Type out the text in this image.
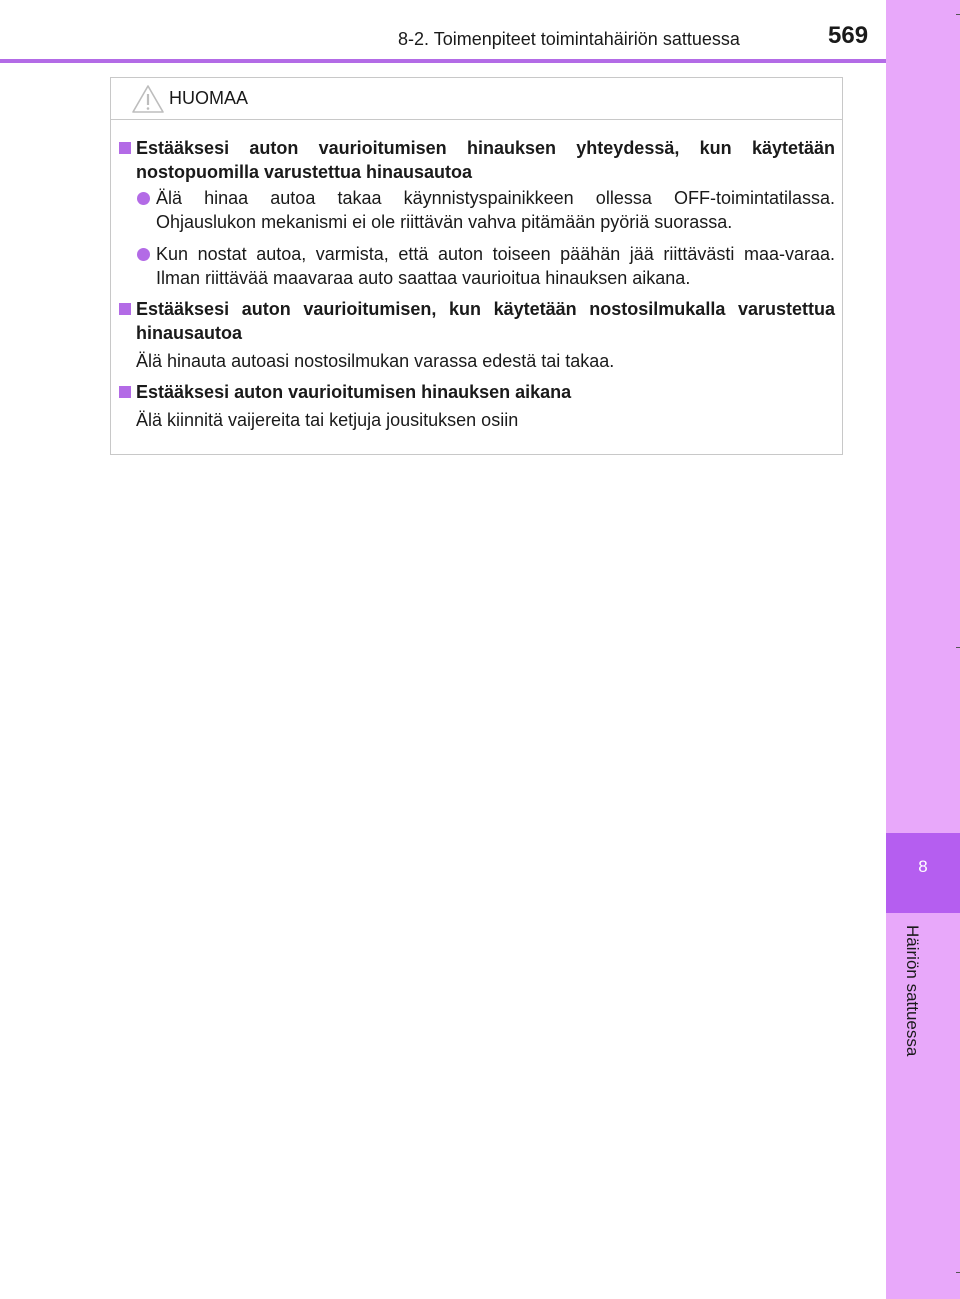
8-2. Toimenpiteet toimintahäiriön sattuessa	569
8
Häiriön sattuessa
HUOMAA
Estääksesi auton vaurioitumisen hinauksen yhteydessä, kun käytetään nostopuomilla varustettua hinausautoa
Älä hinaa autoa takaa käynnistyspainikkeen ollessa OFF-toimintatilassa. Ohjauslukon mekanismi ei ole riittävän vahva pitämään pyöriä suorassa.
Kun nostat autoa, varmista, että auton toiseen päähän jää riittävästi maa-varaa. Ilman riittävää maavaraa auto saattaa vaurioitua hinauksen aikana.
Estääksesi auton vaurioitumisen, kun käytetään nostosilmukalla varustettua hinausautoa
Älä hinauta autoasi nostosilmukan varassa edestä tai takaa.
Estääksesi auton vaurioitumisen hinauksen aikana
Älä kiinnitä vaijereita tai ketjuja jousituksen osiin
